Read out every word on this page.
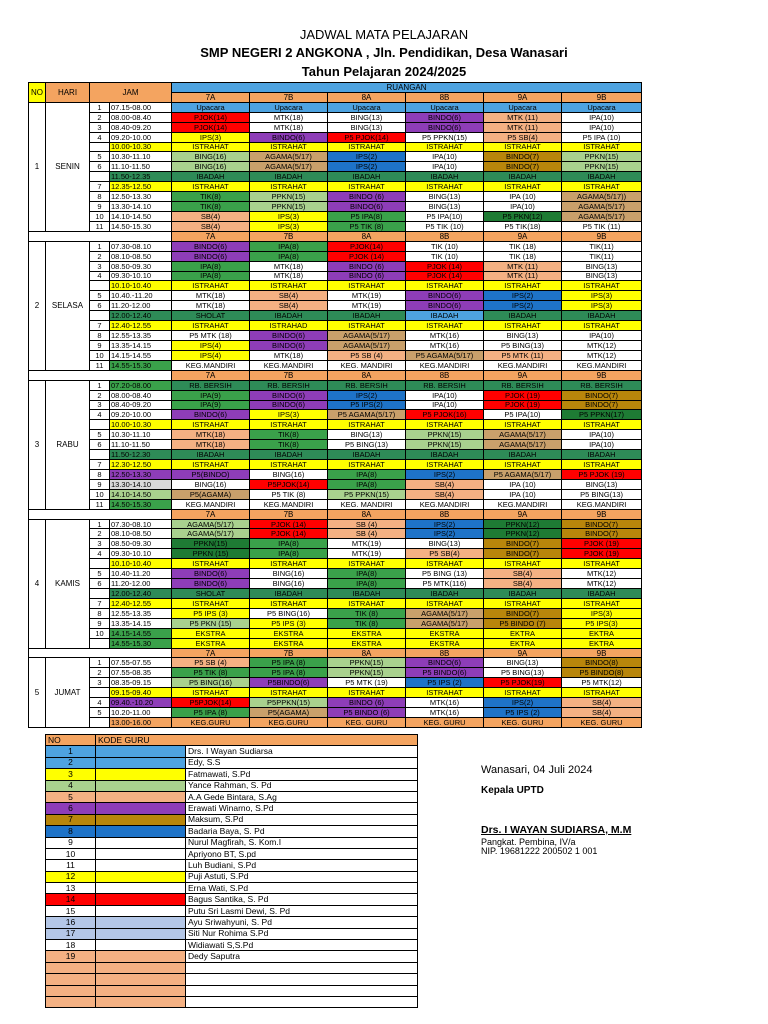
JADWAL MATA PELAJARAN
SMP NEGERI 2 ANGKONA , Jln. Pendidikan, Desa Wanasari
Tahun Pelajaran 2024/2025
NO	HARI	JAM		RUANGAN					
				7A	7B	8A	8B	9A	9B
1	SENIN	1	07.15-08.00	Upacara	Upacara	Upacara	Upacara	Upacara	Upacara
		2	08.00-08.40	PJOK(14)	MTK(18)	BING(13)	BINDO(6)	MTK (11)	IPA(10)
		3	08.40-09.20	PJOK(14)	MTK(18)	BING(13)	BINDO(6)	MTK (11)	IPA(10)
		4	09.20-10.00	IPS(3)	BINDO(6)	P5 PJOK(14)	P5 PPKN(15)	P5 SB(4)	P5 IPA (10)
			10.00-10.30	ISTRAHAT	ISTRAHAT	ISTRAHAT	ISTRAHAT	ISTRAHAT	ISTRAHAT
		5	10.30-11.10	BING(16)	AGAMA(5/17)	IPS(2)	IPA(10)	BINDO(7)	PPKN(15)
		6	11.10-11.50	BING(16)	AGAMA(5/17)	IPS(2)	IPA(10)	BINDO(7)	PPKN(15)
			11.50-12.35	IBADAH	IBADAH	IBADAH	IBADAH	IBADAH	IBADAH
		7	12.35-12.50	ISTRAHAT	ISTRAHAT	ISTRAHAT	ISTRAHAT	ISTRAHAT	ISTRAHAT
		8	12.50-13.30	TIK(8)	PPKN(15)	BINDO (6)	BING(13)	IPA (10)	AGAMA(5/17))
		9	13.30-14.10	TIK(8)	PPKN(15)	BINDO(6)	BING(13)	IPA(10)	AGAMA(5/17)
		10	14.10-14.50	SB(4)	IPS(3)	P5 IPA(8)	P5 IPA(10)	P5 PKN(12)	AGAMA(5/17)
		11	14.50-15.30	SB(4)	IPS(3)	P5 TIK (8)	P5 TIK (10)	P5 TIK(18)	P5 TIK (11)
				7A	7B	8A	8B	9A	9B
2	SELASA	1	07.30-08.10	BINDO(6)	IPA(8)	PJOK(14)	TIK (10)	TIK (18)	TIK(11)
		2	08.10-08.50	BINDO(6)	IPA(8)	PJOK (14)	TIK (10)	TIK (18)	TIK(11)
		3	08.50-09.30	IPA(8)	MTK(18)	BINDO (6)	PJOK (14)	MTK (11)	BING(13)
		4	09.30-10.10	IPA(8)	MTK(18)	BINDO (6)	PJOK (14)	MTK (11)	BING(13)
			10.10-10.40	ISTRAHAT	ISTRAHAT	ISTRAHAT	ISTRAHAT	ISTRAHAT	ISTRAHAT
		5	10.40.-11.20	MTK(18)	SB(4)	MTK(19)	BINDO(6)	IPS(2)	IPS(3)
		6	11.20-12.00	MTK(18)	SB(4)	MTK(19)	BINDO(6)	IPS(2)	IPS(3)
			12.00-12.40	SHOLAT	IBADAH	IBADAH	IBADAH	IBADAH	IBADAH
		7	12.40-12.55	ISTRAHAT	ISTRAHAD	ISTRAHAT	ISTRAHAT	ISTRAHAT	ISTRAHAT
		8	12.55-13.35	P5 MTK (18)	BINDO(6)	AGAMA(5/17)	MTK(16)	BING(13)	IPA(10)
		9	13.35-14.15	IPS(4)	BINDO(6)	AGAMA(5/17)	MTK(16)	P5 BING(13)	MTK(12)
		10	14.15-14.55	IPS(4)	MTK(18)	P5 SB (4)	P5 AGAMA(5/17)	P5 MTK (11)	MTK(12)
		11	14.55-15.30	KEG.MANDIRI	KEG.MANDIRI	KEG. MANDIRI	KEG.MANDIRI	KEG.MANDIRI	KEG.MANDIRI
				7A	7B	8A	8B	9A	9B
3	RABU	1	07.20-08.00	RB. BERSIH	RB. BERSIH	RB. BERSIH	RB. BERSIH	RB. BERSIH	RB. BERSIH
		2	08.00-08.40	IPA(9)	BINDO(6)	IPS(2)	IPA(10)	PJOK (19)	BINDO(7)
		3	08.40-09.20	IPA(9)	BINDO(6)	P5 IPS(2)	IPA(10)	PJOK (19)	BINDO(7)
		4	09.20-10.00	BINDO(6)	IPS(3)	P5 AGAMA(5/17)	P5 PJOK(16)	P5 IPA(10)	P5 PPKN(17)
			10.00-10.30	ISTRAHAT	ISTRAHAT	ISTRAHAT	ISTRAHAT	ISTRAHAT	ISTRAHAT
		5	10.30-11.10	MTK(18)	TIK(8)	BING(13)	PPKN(15)	AGAMA(5/17)	IPA(10)
		6	11.10-11.50	MTK(18)	TIK(8)	P5 BING(13)	PPKN(15)	AGAMA(5/17)	IPA(10)
			11.50-12.30	IBADAH	IBADAH	IBADAH	IBADAH	IBADAH	IBADAH
		7	12.30-12.50	ISTRAHAT	ISTRAHAT	ISTRAHAT	ISTRAHAT	ISTRAHAT	ISTRAHAT
		8	12.50-13.30	P5(BINDO)	BING(16)	IPA(8)	IPS(2)	P5 AGAMA(5/17)	P5 PJOK (19)
		9	13.30-14.10	BING(16)	P5PJOK(14)	IPA(8)	SB(4)	IPA (10)	BING(13)
		10	14.10-14.50	P5(AGAMA)	P5 TIK (8)	P5 PPKN(15)	SB(4)	IPA (10)	P5 BING(13)
		11	14.50-15.30	KEG.MANDIRI	KEG.MANDIRI	KEG. MANDIRI	KEG.MANDIRI	KEG.MANDIRI	KEG.MANDIRI
				7A	7B	8A	8B	9A	9B
4	KAMIS	1	07.30-08.10	AGAMA(5/17)	PJOK (14)	SB (4)	IPS(2)	PPKN(12)	BINDO(7)
		2	08.10-08.50	AGAMA(5/17)	PJOK (14)	SB (4)	IPS(2)	PPKN(12)	BINDO(7)
		3	08.50-09.30	PPKN(15)	IPA(8)	MTK(19)	BING(13)	BINDO(7)	PJOK (19)
		4	09.30-10.10	PPKN (15)	IPA(8)	MTK(19)	P5 SB(4)	BINDO(7)	PJOK (19)
			10.10-10.40	ISTRAHAT	ISTRAHAT	ISTRAHAT	ISTRAHAT	ISTRAHAT	ISTRAHAT
		5	10.40-11.20	BINDO(6)	BING(16)	IPA(8)	P5 BING (13)	SB(4)	MTK(12)
		6	11.20-12.00	BINDO(6)	BING(16)	IPA(8)	P5 MTK(116)	SB(4)	MTK(12)
			12.00-12.40	SHOLAT	IBADAH	IBADAH	IBADAH	IBADAH	IBADAH
		7	12.40-12.55	ISTRAHAT	ISTRAHAT	ISTRAHAT	ISTRAHAT	ISTRAHAT	ISTRAHAT
		8	12.55-13.35	P5 IPS (3)	P5 BING(16)	TIK (8)	AGAMA(5/17)	BINDO(7)	IPS(3)
		9	13.35-14.15	P5 PKN (15)	P5 IPS (3)	TIK (8)	AGAMA(5/17)	P5 BINDO (7)	P5 IPS(3)
		10	14.15-14.55	EKSTRA	EKSTRA	EKSTRA	EKSTRA	EKTRA	EKTRA
			14.55-15.30	EKSTRA	EKSTRA	EKSTRA	EKSTRA	EKTRA	EKTRA
				7A	7B	8A	8B	9A	9B
5	JUMAT	1	07.55-07.55	P5 SB (4)	P5 IPA (8)	PPKN(15)	BINDO(6)	BING(13)	BINDO(8)
		2	07.55-08.35	P5 TIK (8)	P5 IPA (8)	PPKN(15)	P5 BINDO(6)	P5 BING(13)	P5 BINDO(8)
		3	08.35-09.15	P5 BING(16)	P5BINDO(6)	P5 MTK (19)	P5 IPS (2)	P5 PJOK(19)	P5 MTK(12)
			09.15-09.40	ISTRAHAT	ISTRAHAT	ISTRAHAT	ISTRAHAT	ISTRAHAT	ISTRAHAT
		4	09.40.-10.20	P5PJOK(14)	P5PPKN(15)	BINDO (6)	MTK(16)	IPS(2)	SB(4)
		5	10.20-11.00	P5 IPA (8)	P5(AGAMA)	P5 BINDO (6)	MTK(16)	P5 IPS (2)	SB(4)
			13.00-16.00	KEG.GURU	KEG.GURU	KEG. GURU	KEG. GURU	KEG. GURU	KEG. GURU
NO	KODE GURU	
1		Drs. I Wayan Sudiarsa
2		Edy, S.S
3		Fatmawati, S.Pd
4		Yance Rahman, S. Pd
5		A.A Gede Bintara, S.Ag
6		Erawati Winarno, S.Pd
7		Maksum, S.Pd
8		Badaria Baya, S. Pd
9		Nurul Magfirah, S. Kom.I
10		Apriyono BT, S.pd
11		Luh Budiani, S.Pd
12		Puji Astuti, S.Pd
13		Erna Wati, S.Pd
14		Bagus Santika, S. Pd
15		Putu Sri Lasmi Dewi, S. Pd
16		Ayu Sriwahyuni, S. Pd
17		Siti Nur Rohima S.Pd
18		Widiawati S,S.Pd
19		Dedy Saputra

Wanasari, 04 Juli 2024
Kepala UPTD
Drs. I WAYAN SUDIARSA, M.M
Pangkat. Pembina, IV/a
NIP. 19681222 200502 1 001
